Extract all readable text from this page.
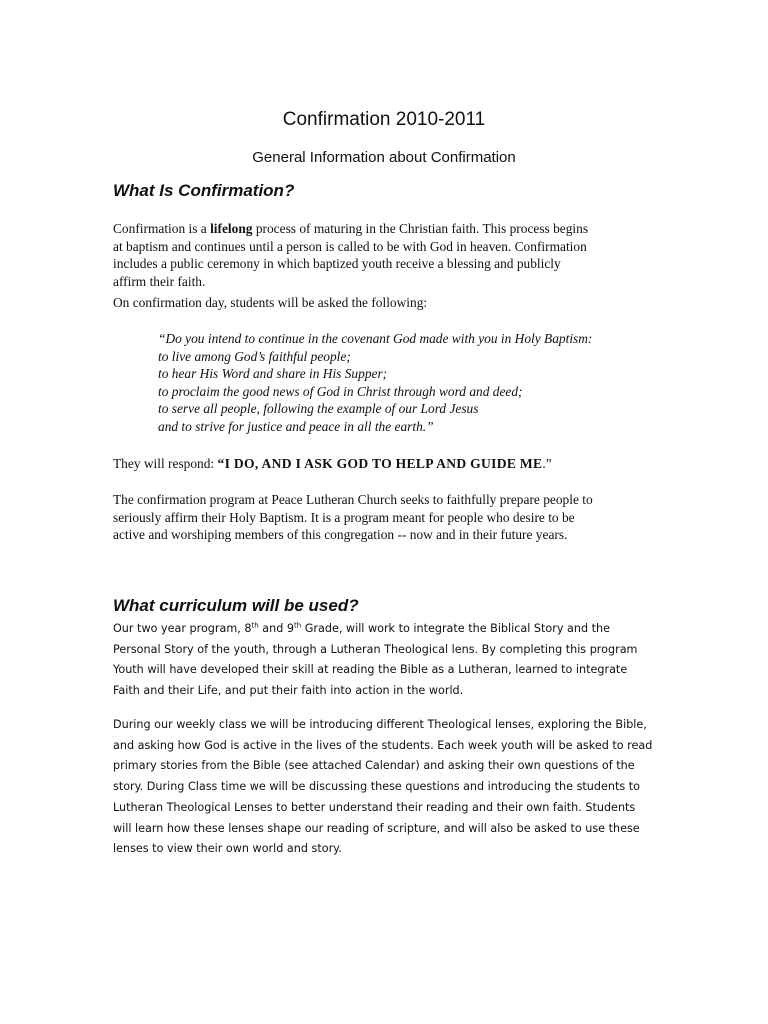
Confirmation 2010-2011
General Information about Confirmation
What Is Confirmation?
Confirmation is a lifelong process of maturing in the Christian faith. This process begins
at baptism and continues until a person is called to be with God in heaven. Confirmation
includes a public ceremony in which baptized youth receive a blessing and publicly
affirm their faith.
On confirmation day, students will be asked the following:
“Do you intend to continue in the covenant God made with you in Holy Baptism:
to live among God’s faithful people;
to hear His Word and share in His Supper;
to proclaim the good news of God in Christ through word and deed;
to serve all people, following the example of our Lord Jesus
and to strive for justice and peace in all the earth.”
They will respond: “I DO, AND I ASK GOD TO HELP AND GUIDE ME.”
The confirmation program at Peace Lutheran Church seeks to faithfully prepare people to
seriously affirm their Holy Baptism. It is a program meant for people who desire to be
active and worshiping members of this congregation -- now and in their future years.
What curriculum will be used?
Our two year program, 8th and 9th Grade, will work to integrate the Biblical Story and the
Personal Story of the youth, through a Lutheran Theological lens. By completing this program
Youth will have developed their skill at reading the Bible as a Lutheran, learned to integrate
Faith and their Life, and put their faith into action in the world.
During our weekly class we will be introducing different Theological lenses, exploring the Bible,
and asking how God is active in the lives of the students. Each week youth will be asked to read
primary stories from the Bible (see attached Calendar) and asking their own questions of the
story. During Class time we will be discussing these questions and introducing the students to
Lutheran Theological Lenses to better understand their reading and their own faith. Students
will learn how these lenses shape our reading of scripture, and will also be asked to use these
lenses to view their own world and story.
